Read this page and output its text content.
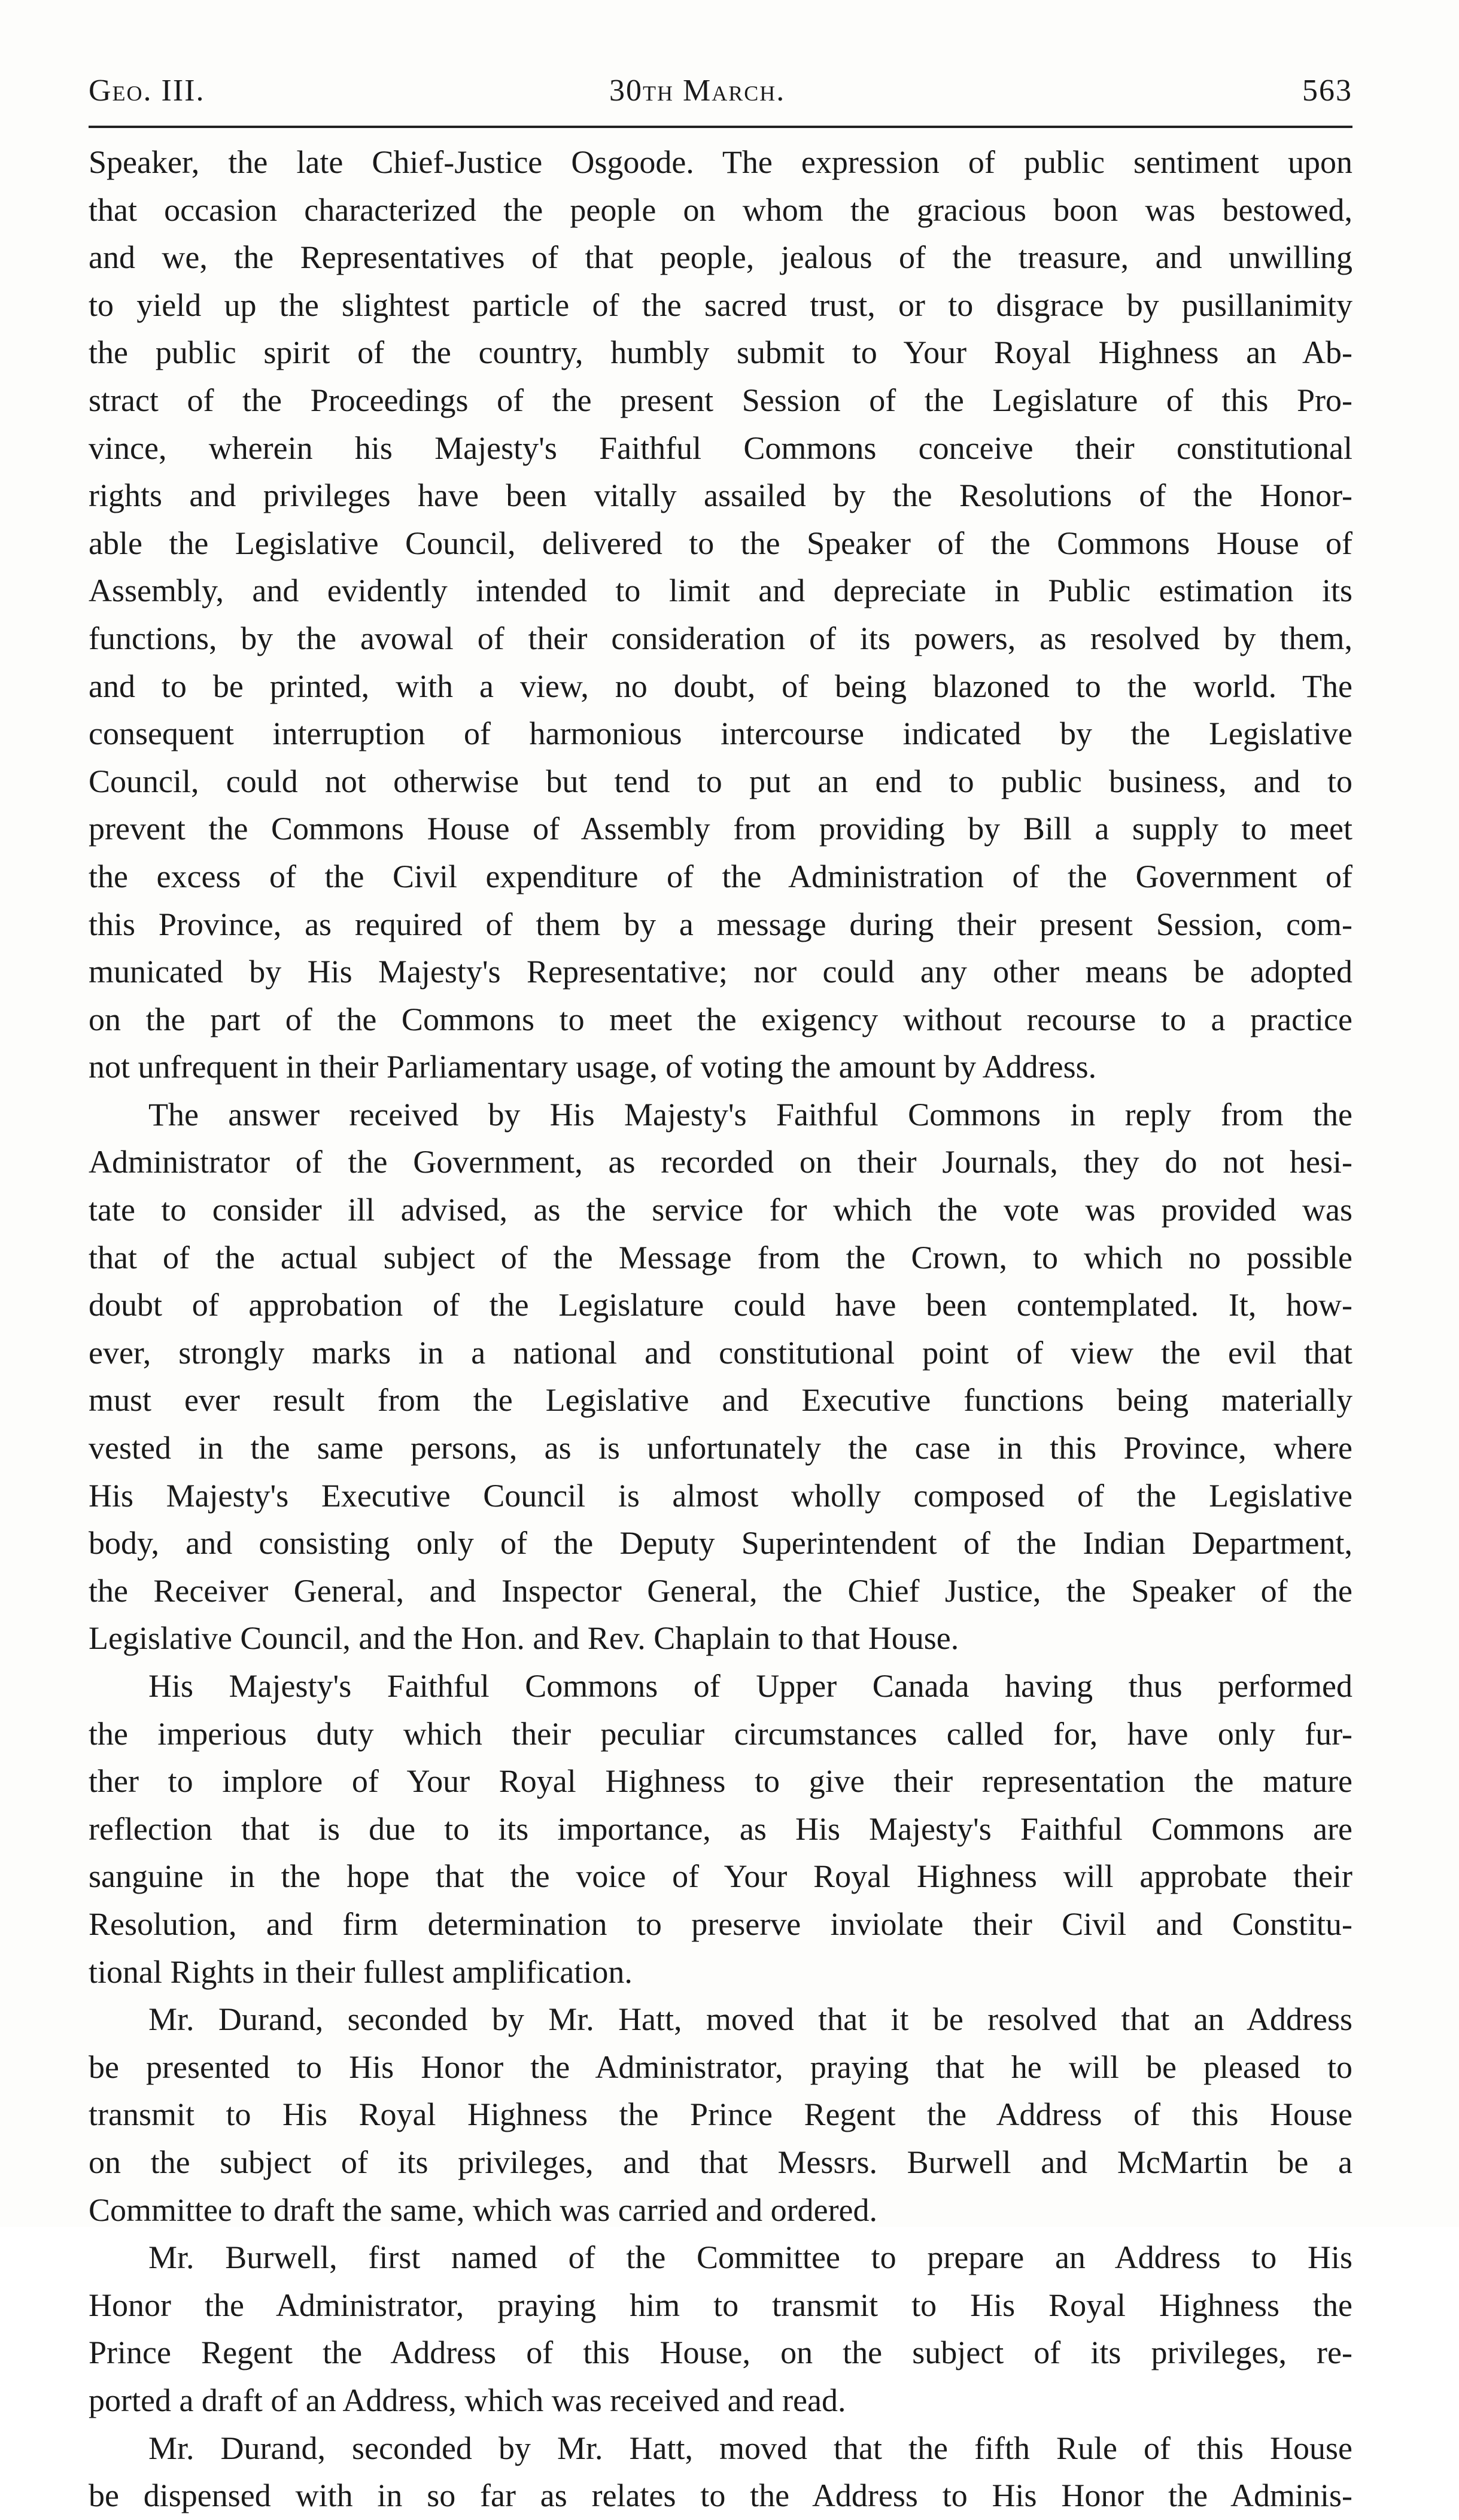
Geo. III.	30th March.	563
Speaker, the late Chief-Justice Osgoode. The expression of public sentiment upon
that occasion characterized the people on whom the gracious boon was bestowed,
and we, the Representatives of that people, jealous of the treasure, and unwilling
to yield up the slightest particle of the sacred trust, or to disgrace by pusillanimity
the public spirit of the country, humbly submit to Your Royal Highness an Ab-
stract of the Proceedings of the present Session of the Legislature of this Pro-
vince, wherein his Majesty's Faithful Commons conceive their constitutional
rights and privileges have been vitally assailed by the Resolutions of the Honor-
able the Legislative Council, delivered to the Speaker of the Commons House of
Assembly, and evidently intended to limit and depreciate in Public estimation its
functions, by the avowal of their consideration of its powers, as resolved by them,
and to be printed, with a view, no doubt, of being blazoned to the world. The
consequent interruption of harmonious intercourse indicated by the Legislative
Council, could not otherwise but tend to put an end to public business, and to
prevent the Commons House of Assembly from providing by Bill a supply to meet
the excess of the Civil expenditure of the Administration of the Government of
this Province, as required of them by a message during their present Session, com-
municated by His Majesty's Representative; nor could any other means be adopted
on the part of the Commons to meet the exigency without recourse to a practice
not unfrequent in their Parliamentary usage, of voting the amount by Address.
The answer received by His Majesty's Faithful Commons in reply from the
Administrator of the Government, as recorded on their Journals, they do not hesi-
tate to consider ill advised, as the service for which the vote was provided was
that of the actual subject of the Message from the Crown, to which no possible
doubt of approbation of the Legislature could have been contemplated. It, how-
ever, strongly marks in a national and constitutional point of view the evil that
must ever result from the Legislative and Executive functions being materially
vested in the same persons, as is unfortunately the case in this Province, where
His Majesty's Executive Council is almost wholly composed of the Legislative
body, and consisting only of the Deputy Superintendent of the Indian Department,
the Receiver General, and Inspector General, the Chief Justice, the Speaker of the
Legislative Council, and the Hon. and Rev. Chaplain to that House.
His Majesty's Faithful Commons of Upper Canada having thus performed
the imperious duty which their peculiar circumstances called for, have only fur-
ther to implore of Your Royal Highness to give their representation the mature
reflection that is due to its importance, as His Majesty's Faithful Commons are
sanguine in the hope that the voice of Your Royal Highness will approbate their
Resolution, and firm determination to preserve inviolate their Civil and Constitu-
tional Rights in their fullest amplification.
Mr. Durand, seconded by Mr. Hatt, moved that it be resolved that an Address
be presented to His Honor the Administrator, praying that he will be pleased to
transmit to His Royal Highness the Prince Regent the Address of this House
on the subject of its privileges, and that Messrs. Burwell and McMartin be a
Committee to draft the same, which was carried and ordered.
Mr. Burwell, first named of the Committee to prepare an Address to His
Honor the Administrator, praying him to transmit to His Royal Highness the
Prince Regent the Address of this House, on the subject of its privileges, re-
ported a draft of an Address, which was received and read.
Mr. Durand, seconded by Mr. Hatt, moved that the fifth Rule of this House
be dispensed with in so far as relates to the Address to His Honor the Adminis-
